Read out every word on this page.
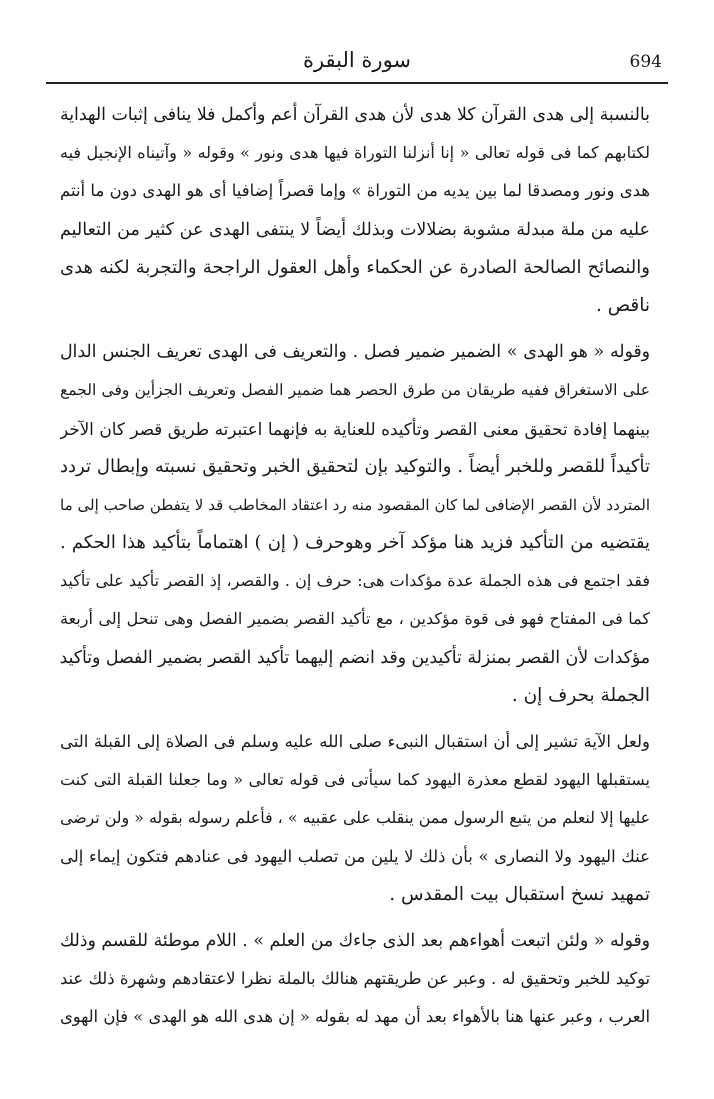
694
سورة البقرة
بالنسبة إلى هدى القرآن كلا هدى لأن هدى القرآن أعم وأكمل فلا ينافى إثبات الهداية
لكتابهم كما فى قوله تعالى « إنا أنزلنا التوراة فيها هدى ونور » وقوله « وآتيناه الإنجيل فيه
هدى ونور ومصدقا لما بين يديه من التوراة » وإما قصراً إضافيا أى هو الهدى دون ما أنتم
عليه من ملة مبدلة مشوبة بضلالات وبذلك أيضاً لا ينتفى الهدى عن كثير من التعاليم
والنصائح الصالحة الصادرة عن الحكماء وأهل العقول الراجحة والتجربة لكنه هدى
ناقص .
وقوله « هو الهدى » الضمير ضمير فصل . والتعريف فى الهدى تعريف الجنس الدال
على الاستغراق ففيه طريقان من طرق الحصر هما ضمير الفصل وتعريف الجزأين وفى الجمع
بينهما إفادة تحقيق معنى القصر وتأكيده للعناية به فإنهما اعتبرته طريق قصر كان الآخر
تأكيداً للقصر وللخبر أيضاً . والتوكيد بإن لتحقيق الخبر وتحقيق نسبته وإبطال تردد
المتردد لأن القصر الإضافى لما كان المقصود منه رد اعتقاد المخاطب قد لا يتفطن صاحب إلى ما
يقتضيه من التأكيد فزيد هنا مؤكد آخر وهوحرف ( إن ) اهتماماً بتأكيد هذا الحكم .
فقد اجتمع فى هذه الجملة عدة مؤكدات هى: حرف إن . والقصر، إذ القصر تأكيد على تأكيد
كما فى المفتاح فهو فى قوة مؤكدين ، مع تأكيد القصر بضمير الفصل وهى تنحل إلى أربعة
مؤكدات لأن القصر بمنزلة تأكيدين وقد انضم إليهما تأكيد القصر بضمير الفصل وتأكيد
الجملة بحرف إن .
ولعل الآية تشير إلى أن استقبال النبىء صلى الله عليه وسلم فى الصلاة إلى القبلة التى
يستقبلها اليهود لقطع معذرة اليهود كما سيأتى فى قوله تعالى « وما جعلنا القبلة التى كنت
عليها إلا لنعلم من يتبع الرسول ممن ينقلب على عقبيه » ، فأعلم رسوله بقوله « ولن ترضى
عنك اليهود ولا النصارى » بأن ذلك لا يلين من تصلب اليهود فى عنادهم فتكون إيماء إلى
تمهيد نسخ استقبال بيت المقدس .
وقوله « ولئن اتبعت أهواءهم بعد الذى جاءك من العلم » . اللام موطئة للقسم وذلك
توكيد للخبر وتحقيق له . وعبر عن طريقتهم هنالك بالملة نظرا لاعتقادهم وشهرة ذلك عند
العرب ، وعبر عنها هنا بالأهواء بعد أن مهد له بقوله « إن هدى الله هو الهدى » فإن الهوى
